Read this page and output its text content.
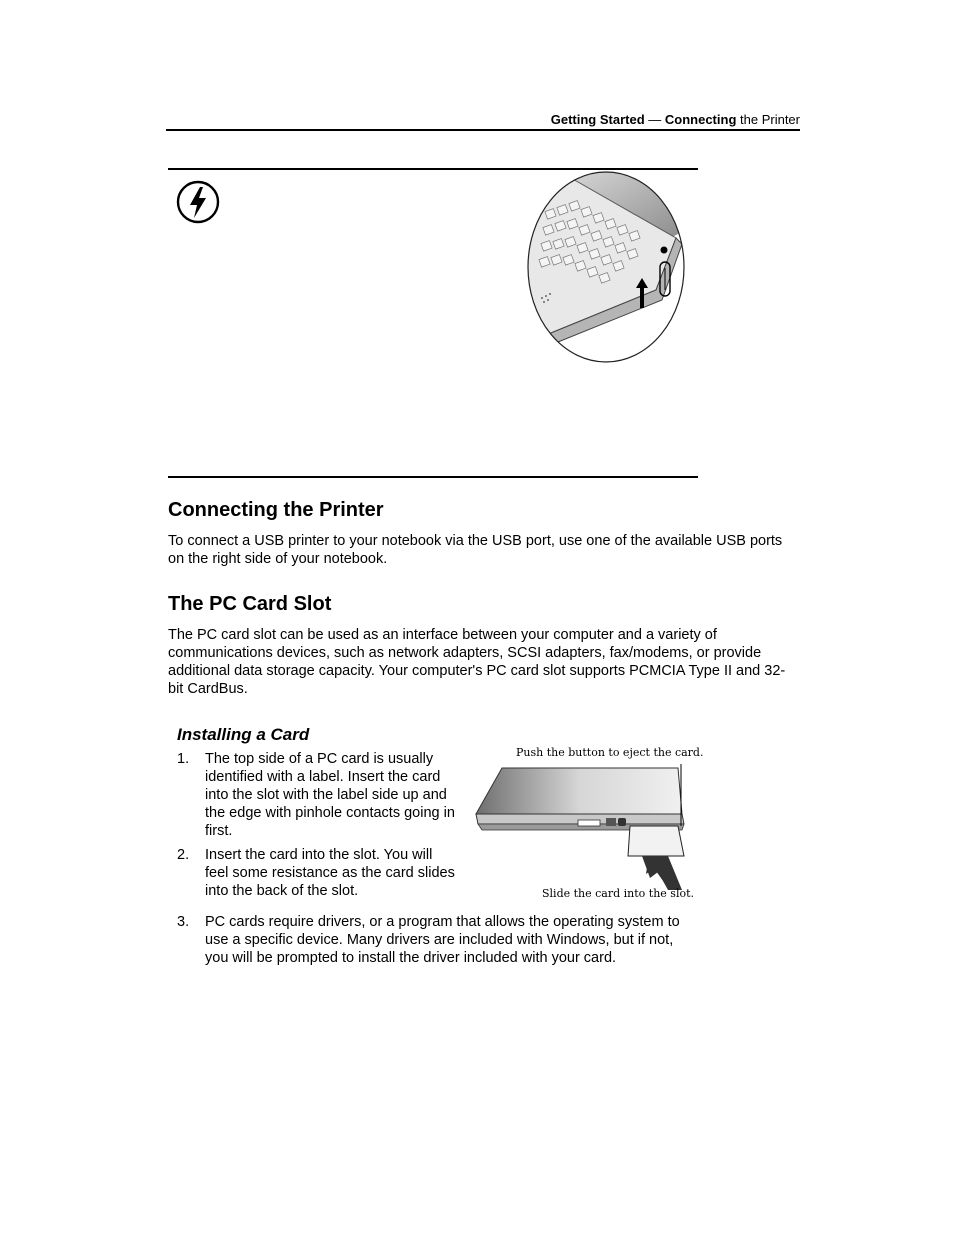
Getting Started — Connecting the Printer
Connecting the Printer

To connect a USB printer to your notebook via the USB port, use one of the available USB ports on the right side of your notebook.

The PC Card Slot

The PC card slot can be used as an interface between your computer and a variety of communications devices, such as network adapters, SCSI adapters, fax/modems, or provide additional data storage capacity. Your computer's PC card slot supports PCMCIA Type II and 32-bit CardBus.

Installing a Card
1.	The top side of a PC card is usually identified with a label. Insert the card into the slot with the label side up and the edge with pinhole contacts going in first.
2.	Insert the card into the slot. You will feel some resistance as the card slides into the back of the slot.
3.	PC cards require drivers, or a program that allows the operating system to use a specific device. Many drivers are included with Windows, but if not, you will be prompted to install the driver included with your card.
Push the button to eject the card.
Slide the card into the slot.
